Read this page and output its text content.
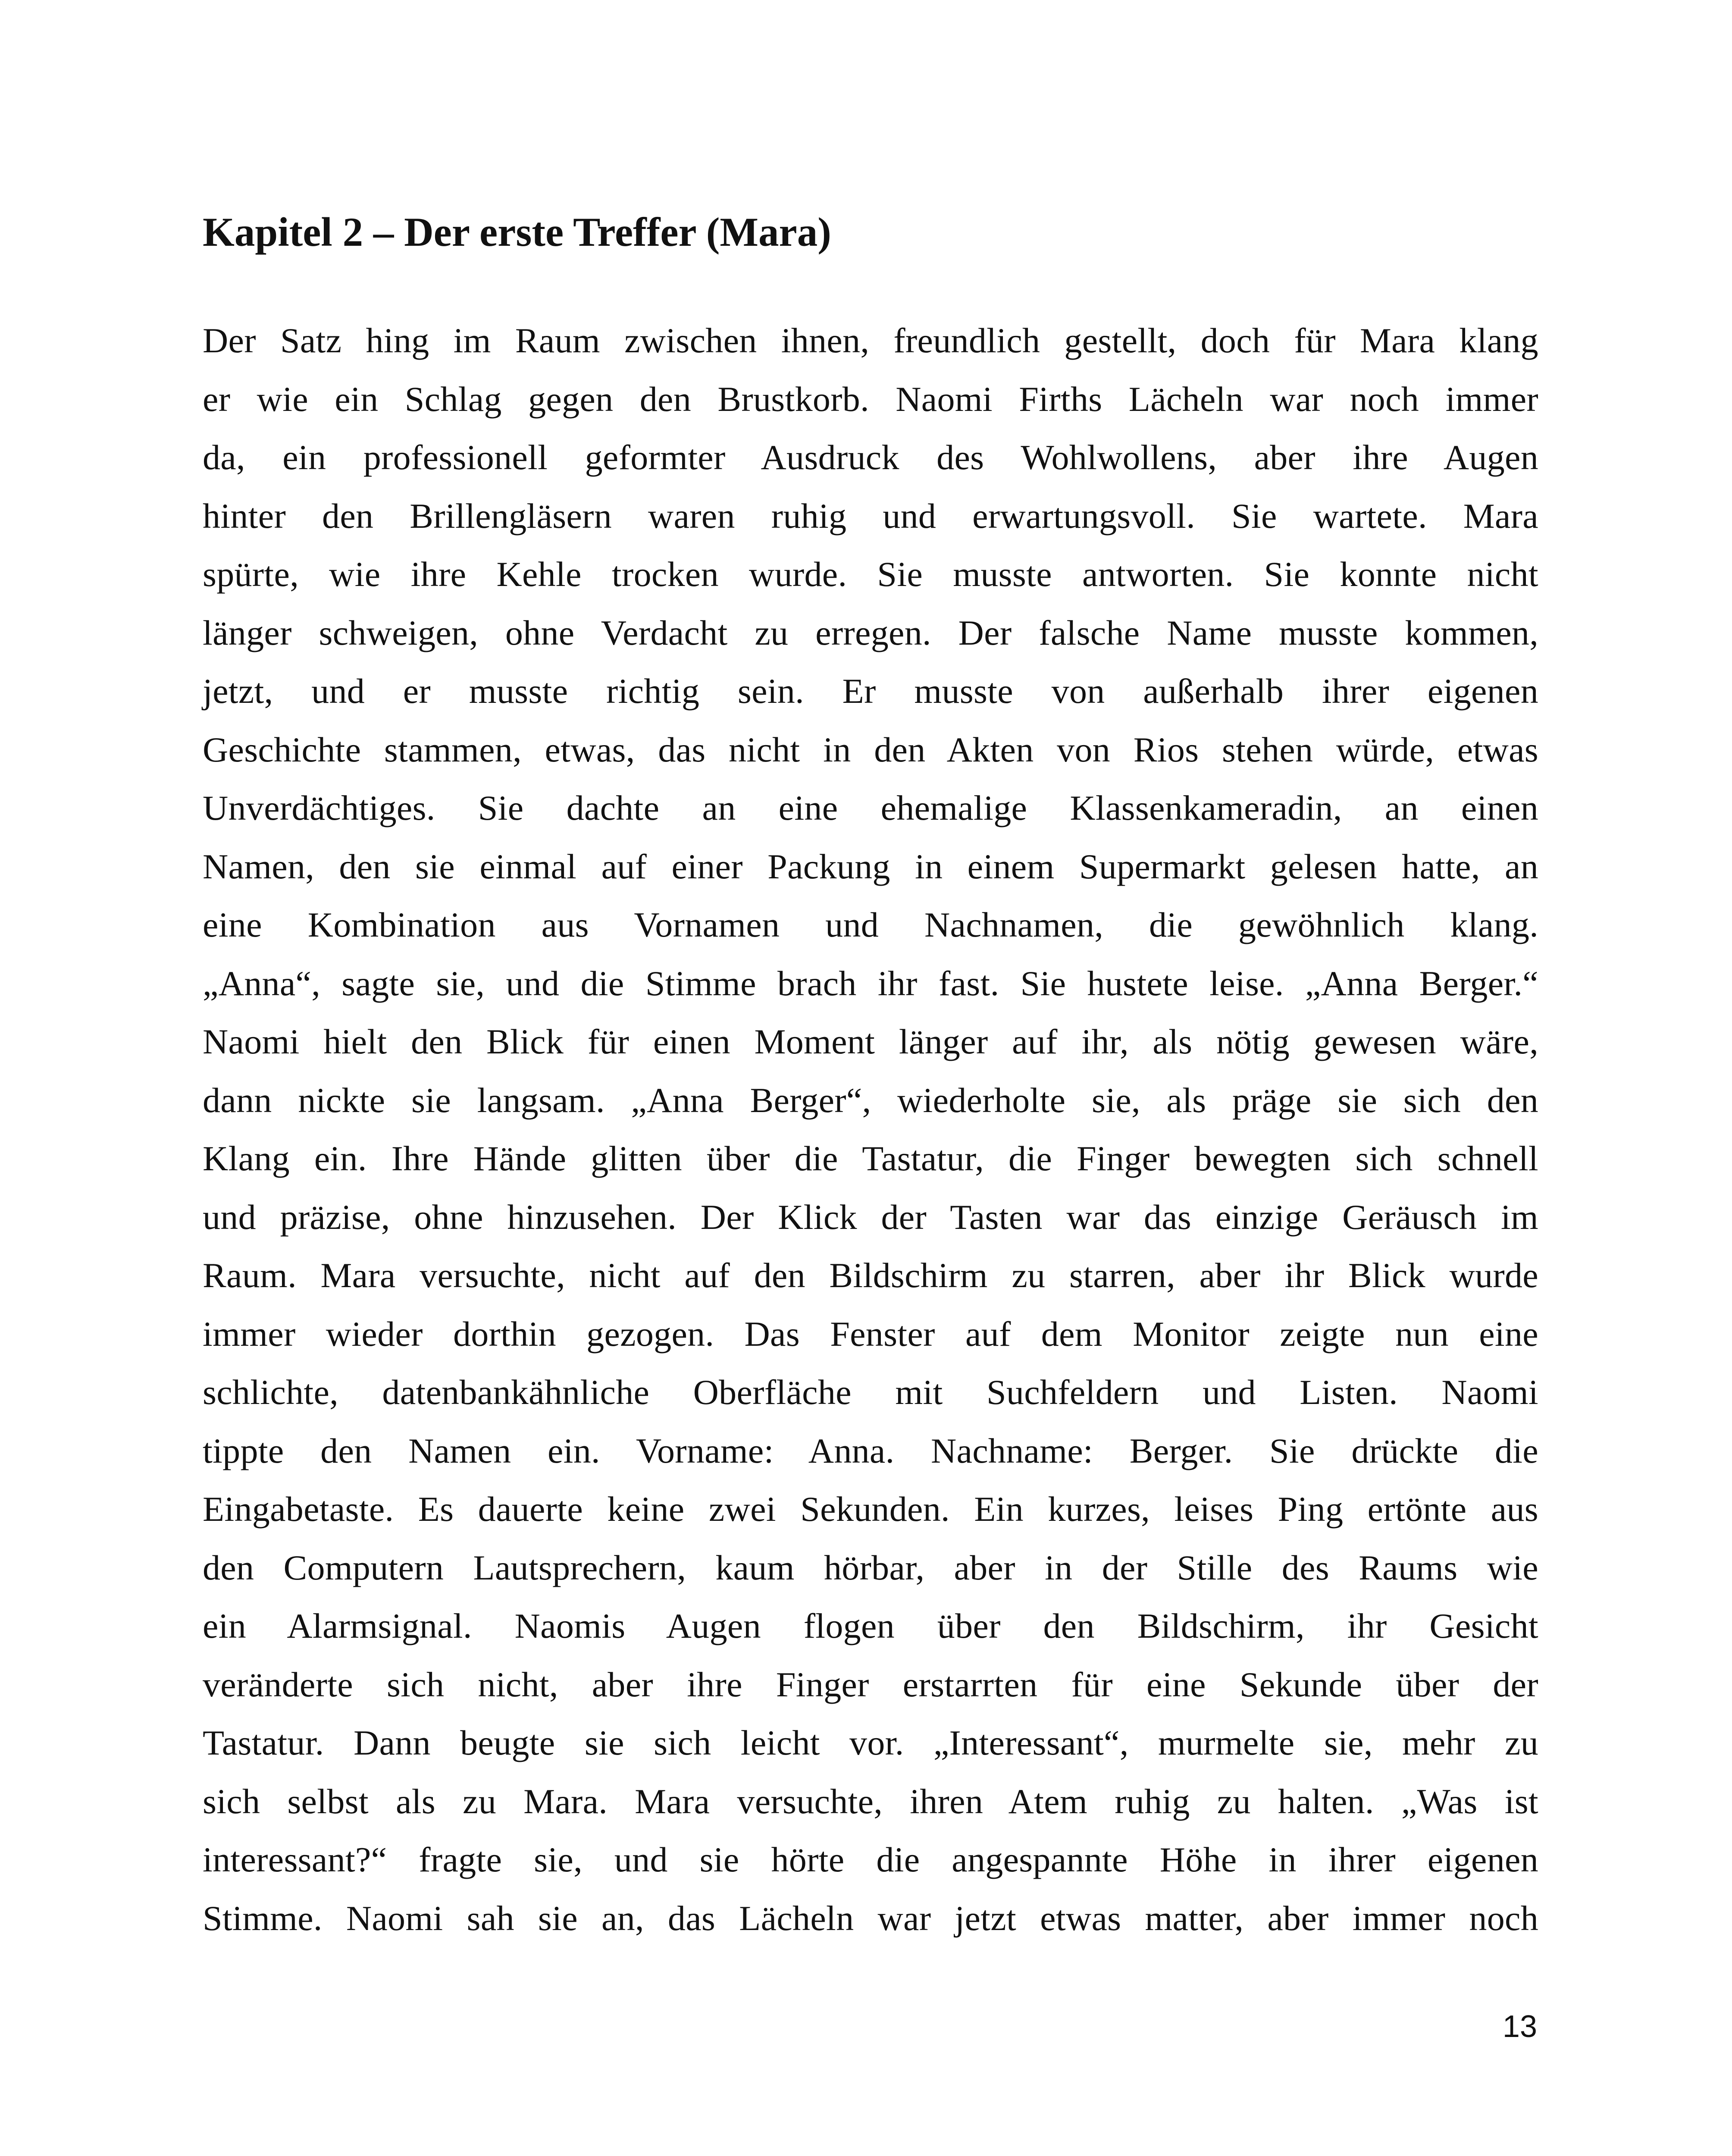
Kapitel 2 – Der erste Treffer (Mara)
Der Satz hing im Raum zwischen ihnen, freundlich gestellt, doch für Mara klang
er wie ein Schlag gegen den Brustkorb. Naomi Firths Lächeln war noch immer
da, ein professionell geformter Ausdruck des Wohlwollens, aber ihre Augen
hinter den Brillengläsern waren ruhig und erwartungsvoll. Sie wartete. Mara
spürte, wie ihre Kehle trocken wurde. Sie musste antworten. Sie konnte nicht
länger schweigen, ohne Verdacht zu erregen. Der falsche Name musste kommen,
jetzt, und er musste richtig sein. Er musste von außerhalb ihrer eigenen
Geschichte stammen, etwas, das nicht in den Akten von Rios stehen würde, etwas
Unverdächtiges. Sie dachte an eine ehemalige Klassenkameradin, an einen
Namen, den sie einmal auf einer Packung in einem Supermarkt gelesen hatte, an
eine Kombination aus Vornamen und Nachnamen, die gewöhnlich klang.
„Anna“, sagte sie, und die Stimme brach ihr fast. Sie hustete leise. „Anna Berger.“
Naomi hielt den Blick für einen Moment länger auf ihr, als nötig gewesen wäre,
dann nickte sie langsam. „Anna Berger“, wiederholte sie, als präge sie sich den
Klang ein. Ihre Hände glitten über die Tastatur, die Finger bewegten sich schnell
und präzise, ohne hinzusehen. Der Klick der Tasten war das einzige Geräusch im
Raum. Mara versuchte, nicht auf den Bildschirm zu starren, aber ihr Blick wurde
immer wieder dorthin gezogen. Das Fenster auf dem Monitor zeigte nun eine
schlichte, datenbankähnliche Oberfläche mit Suchfeldern und Listen. Naomi
tippte den Namen ein. Vorname: Anna. Nachname: Berger. Sie drückte die
Eingabetaste. Es dauerte keine zwei Sekunden. Ein kurzes, leises Ping ertönte aus
den Computern Lautsprechern, kaum hörbar, aber in der Stille des Raums wie
ein Alarmsignal. Naomis Augen flogen über den Bildschirm, ihr Gesicht
veränderte sich nicht, aber ihre Finger erstarrten für eine Sekunde über der
Tastatur. Dann beugte sie sich leicht vor. „Interessant“, murmelte sie, mehr zu
sich selbst als zu Mara. Mara versuchte, ihren Atem ruhig zu halten. „Was ist
interessant?“ fragte sie, und sie hörte die angespannte Höhe in ihrer eigenen
Stimme. Naomi sah sie an, das Lächeln war jetzt etwas matter, aber immer noch
13
